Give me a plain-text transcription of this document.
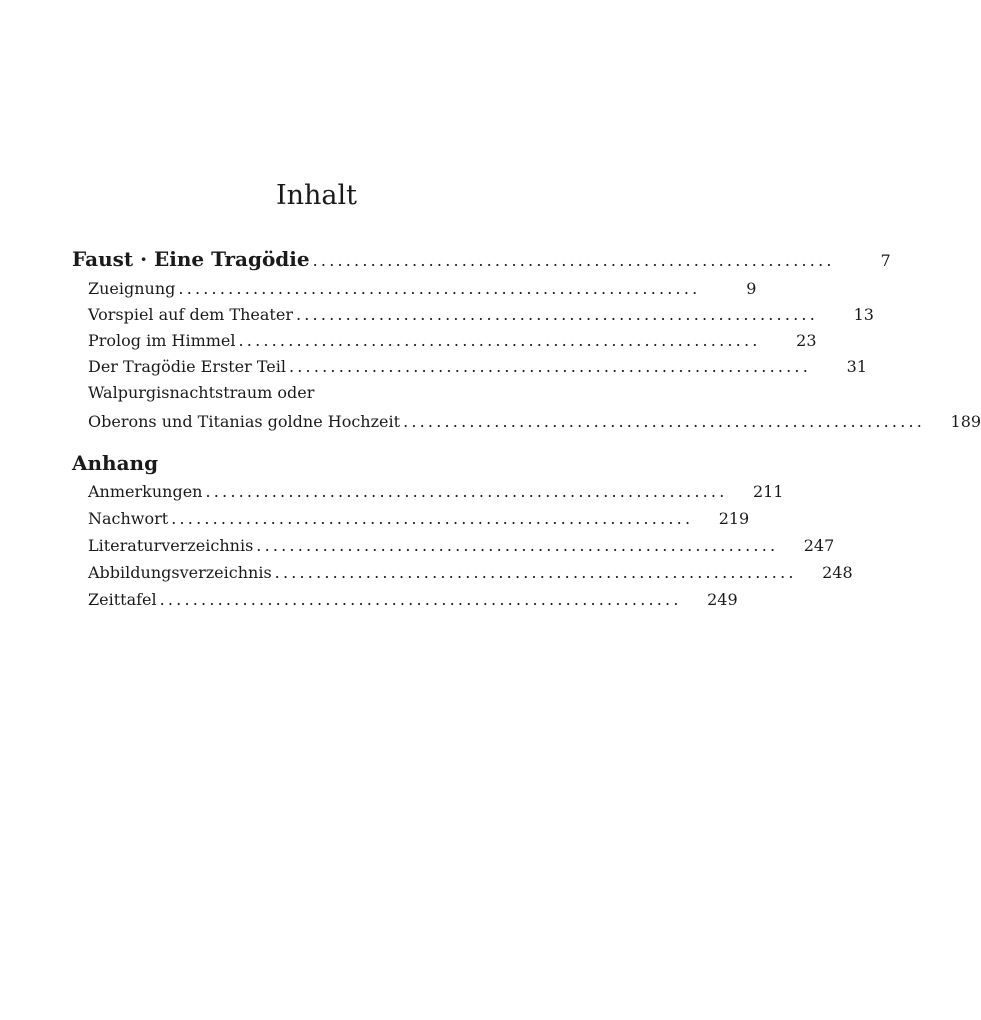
Inhalt
Faust · Eine Tragödie ...............................................................	7
Zueignung ...............................................................	9
Vorspiel auf dem Theater ...............................................................	13
Prolog im Himmel ...............................................................	23
Der Tragödie Erster Teil ...............................................................	31
Walpurgisnachtstraum oder
Oberons und Titanias goldne Hochzeit ...............................................................	189
Anhang
Anmerkungen ...............................................................	211
Nachwort ...............................................................	219
Literaturverzeichnis ...............................................................	247
Abbildungsverzeichnis ...............................................................	248
Zeittafel ...............................................................	249
